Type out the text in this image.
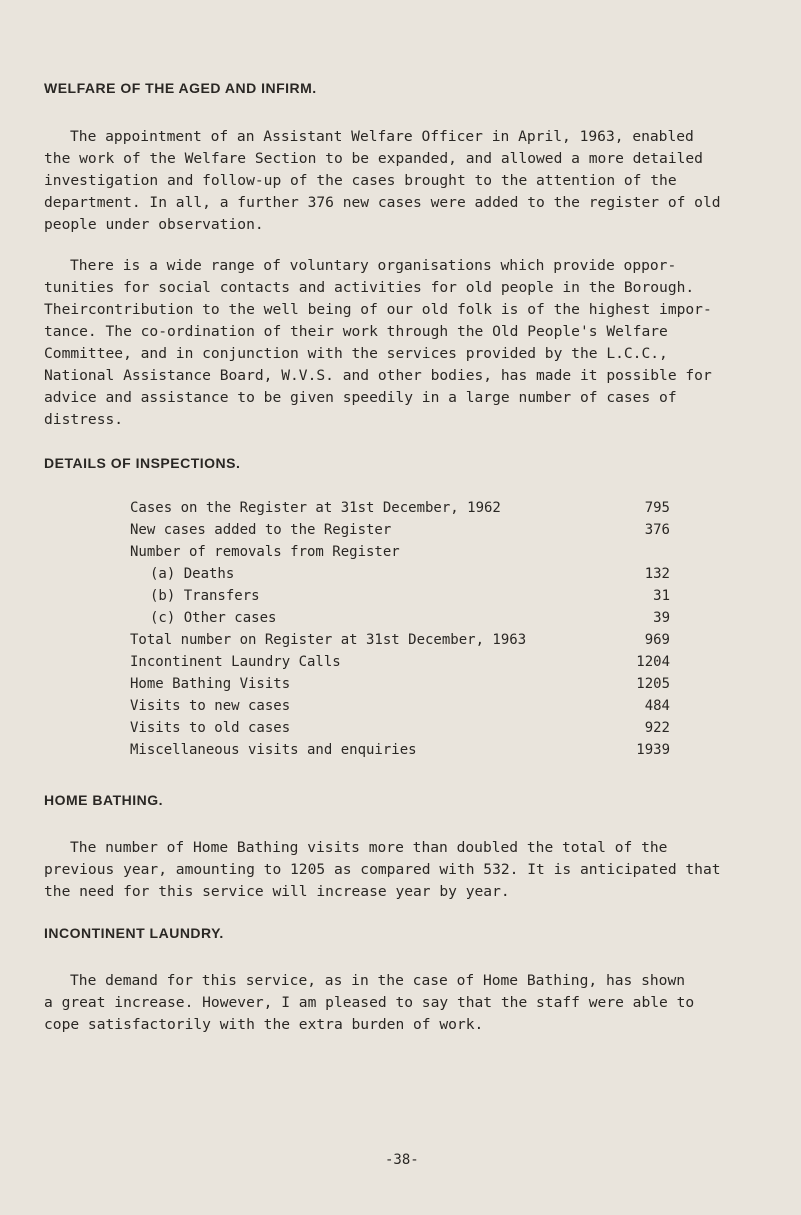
WELFARE OF THE AGED AND INFIRM.

The appointment of an Assistant Welfare Officer in April, 1963, enabled
the work of the Welfare Section to be expanded, and allowed a more detailed
investigation and follow-up of the cases brought to the attention of the
department. In all, a further 376 new cases were added to the register of old
people under observation.

There is a wide range of voluntary organisations which provide oppor-
tunities for social contacts and activities for old people in the Borough.
Theircontribution to the well being of our old folk is of the highest impor-
tance. The co-ordination of their work through the Old People's Welfare
Committee, and in conjunction with the services provided by the L.C.C.,
National Assistance Board, W.V.S. and other bodies, has made it possible for
advice and assistance to be given speedily in a large number of cases of
distress.

DETAILS OF INSPECTIONS.
Cases on the Register at 31st December, 1962	795
New cases added to the Register	376
Number of removals from Register
(a) Deaths	132
(b) Transfers	31
(c) Other cases	39
Total number on Register at 31st December, 1963	969
Incontinent Laundry Calls	1204
Home Bathing Visits	1205
Visits to new cases	484
Visits to old cases	922
Miscellaneous visits and enquiries	1939
HOME BATHING.

The number of Home Bathing visits more than doubled the total of the
previous year, amounting to 1205 as compared with 532. It is anticipated that
the need for this service will increase year by year.

INCONTINENT LAUNDRY.

The demand for this service, as in the case of Home Bathing, has shown
a great increase. However, I am pleased to say that the staff were able to
cope satisfactorily with the extra burden of work.

-38-
